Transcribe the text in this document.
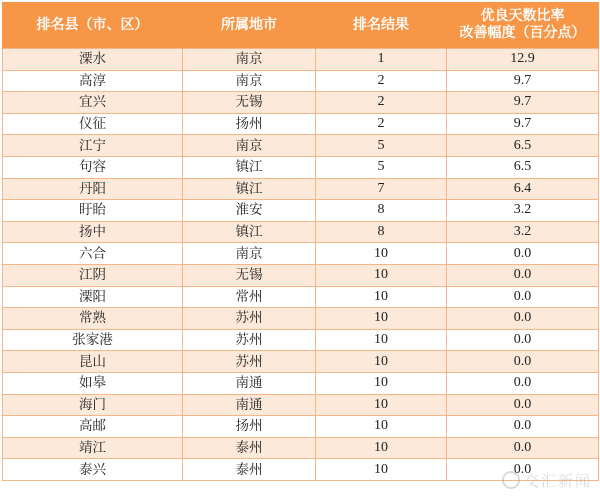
排名县（市、区）	所属地市	排名结果	优良天数比率
改善幅度（百分点）

溧水	南京	1	12.9
高淳	南京	2	9.7
宜兴	无锡	2	9.7
仪征	扬州	2	9.7
江宁	南京	5	6.5
句容	镇江	5	6.5
丹阳	镇江	7	6.4
盱眙	淮安	8	3.2
扬中	镇江	8	3.2
六合	南京	10	0.0
江阴	无锡	10	0.0
溧阳	常州	10	0.0
常熟	苏州	10	0.0
张家港	苏州	10	0.0
昆山	苏州	10	0.0
如皋	南通	10	0.0
海门	南通	10	0.0
高邮	扬州	10	0.0
靖江	泰州	10	0.0
泰兴	泰州	10	0.0
交汇新闻
